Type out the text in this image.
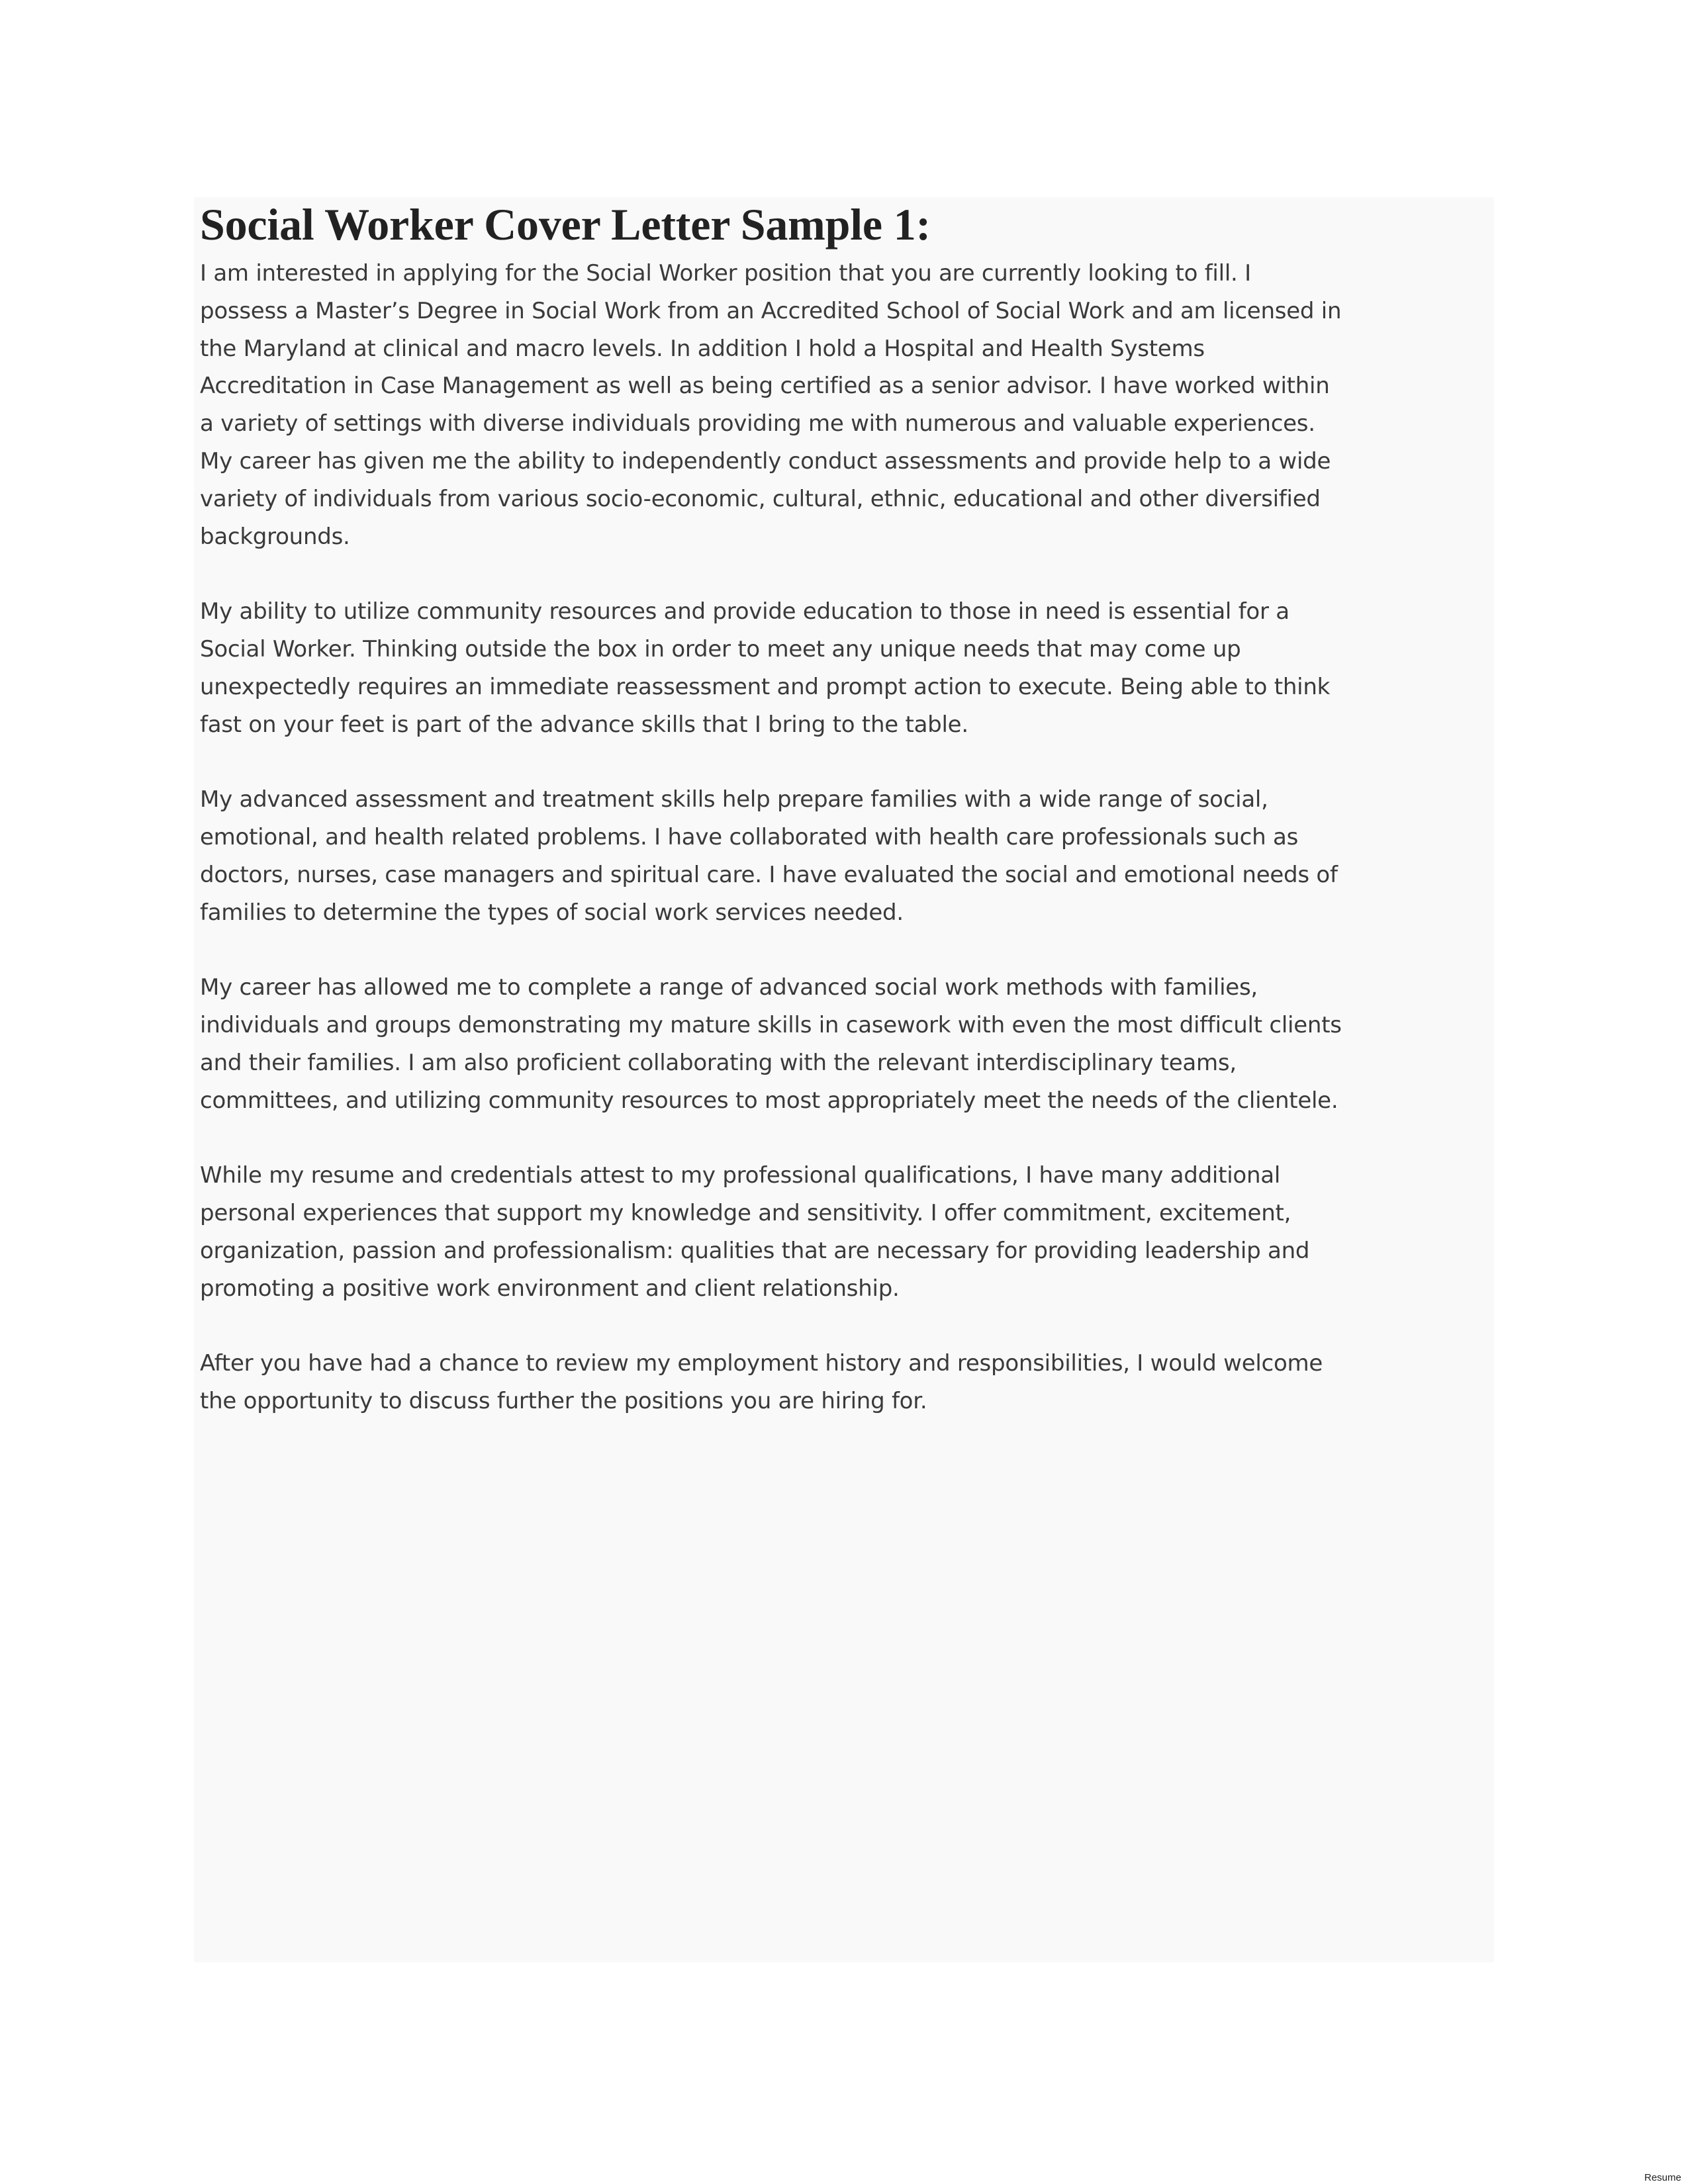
Social Worker Cover Letter Sample 1:

I am interested in applying for the Social Worker position that you are currently looking to fill. I
possess a Master’s Degree in Social Work from an Accredited School of Social Work and am licensed in
the Maryland at clinical and macro levels. In addition I hold a Hospital and Health Systems
Accreditation in Case Management as well as being certified as a senior advisor. I have worked within
a variety of settings with diverse individuals providing me with numerous and valuable experiences.
My career has given me the ability to independently conduct assessments and provide help to a wide
variety of individuals from various socio-economic, cultural, ethnic, educational and other diversified
backgrounds.

My ability to utilize community resources and provide education to those in need is essential for a
Social Worker. Thinking outside the box in order to meet any unique needs that may come up
unexpectedly requires an immediate reassessment and prompt action to execute. Being able to think
fast on your feet is part of the advance skills that I bring to the table.

My advanced assessment and treatment skills help prepare families with a wide range of social,
emotional, and health related problems. I have collaborated with health care professionals such as
doctors, nurses, case managers and spiritual care. I have evaluated the social and emotional needs of
families to determine the types of social work services needed.

My career has allowed me to complete a range of advanced social work methods with families,
individuals and groups demonstrating my mature skills in casework with even the most difficult clients
and their families. I am also proficient collaborating with the relevant interdisciplinary teams,
committees, and utilizing community resources to most appropriately meet the needs of the clientele.

While my resume and credentials attest to my professional qualifications, I have many additional
personal experiences that support my knowledge and sensitivity. I offer commitment, excitement,
organization, passion and professionalism: qualities that are necessary for providing leadership and
promoting a positive work environment and client relationship.

After you have had a chance to review my employment history and responsibilities, I would welcome
the opportunity to discuss further the positions you are hiring for.

Resume
